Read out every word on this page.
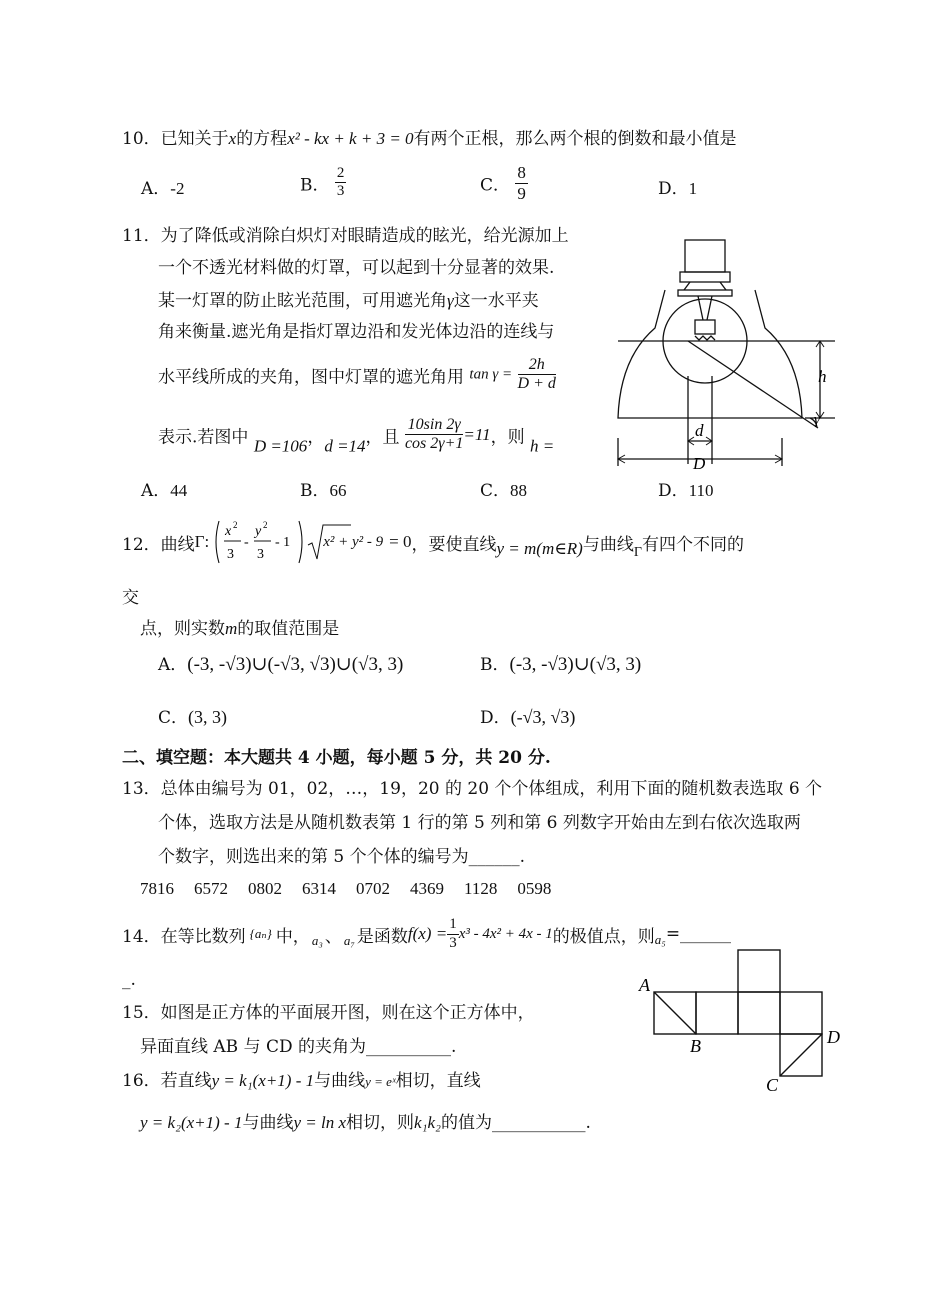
10．已知关于x的方程x² - kx + k + 3 = 0有两个正根，那么两个根的倒数和最小值是
A．-2	B． $\frac{2}{3}$	C． $\frac{8}{9}$	D．1
11．为了降低或消除白炽灯对眼睛造成的眩光，给光源加上
一个不透光材料做的灯罩，可以起到十分显著的效果.
某一灯罩的防止眩光范围，可用遮光角γ这一水平夹
角来衡量.遮光角是指灯罩边沿和发光体边沿的连线与
水平线所成的夹角，图中灯罩的遮光角用 $\tan \gamma = \frac{2h}{D + d}$
表示.若图中 D =106，d =14，且 $\frac{10\sin 2\gamma}{\cos 2\gamma+1} =11$，则 h =
A．44	B．66	C．88	D．110
h
γ
d
D
12． 曲线 Γ:
x 2
3
-
y 2
3
- 1 x² + y² - 9 = 0 ，要使直线 y = m(m∈R) 与曲线 Γ 有四个不同的
交
点，则实数m的取值范围是
A．(-3, -√3)∪(-√3, √3)∪(√3, 3)	B．(-3, -√3)∪(√3, 3)
C．(3, 3)	D．(-√3, √3)
二、填空题：本大题共 4 小题，每小题 5 分，共 20 分.
13．总体由编号为 01，02，…，19，20 的 20 个个体组成，利用下面的随机数表选取 6 个
个体，选取方法是从随机数表第 1 行的第 5 列和第 6 列数字开始由左到右依次选取两
个数字，则选出来的第 5 个个体的编号为______.
7816 6572 0802 6314 0702 4369 1128 0598
14． 在等比数列 {aₙ} 中， a₃ 、 a₇ 是函数 $f(x) = \frac{1}{3} x^3 - 4x^2 + 4x - 1$ 的极值点，则 a₅ =______
_.
15．如图是正方体的平面展开图，则在这个正方体中，
异面直线 AB 与 CD 的夹角为__________.
A
B
C
D
16．若直线y = k₁(x+1) - 1与曲线y = eˣ相切，直线
y = k₂(x+1) - 1与曲线y = ln x相切，则k₁k₂的值为___________.
